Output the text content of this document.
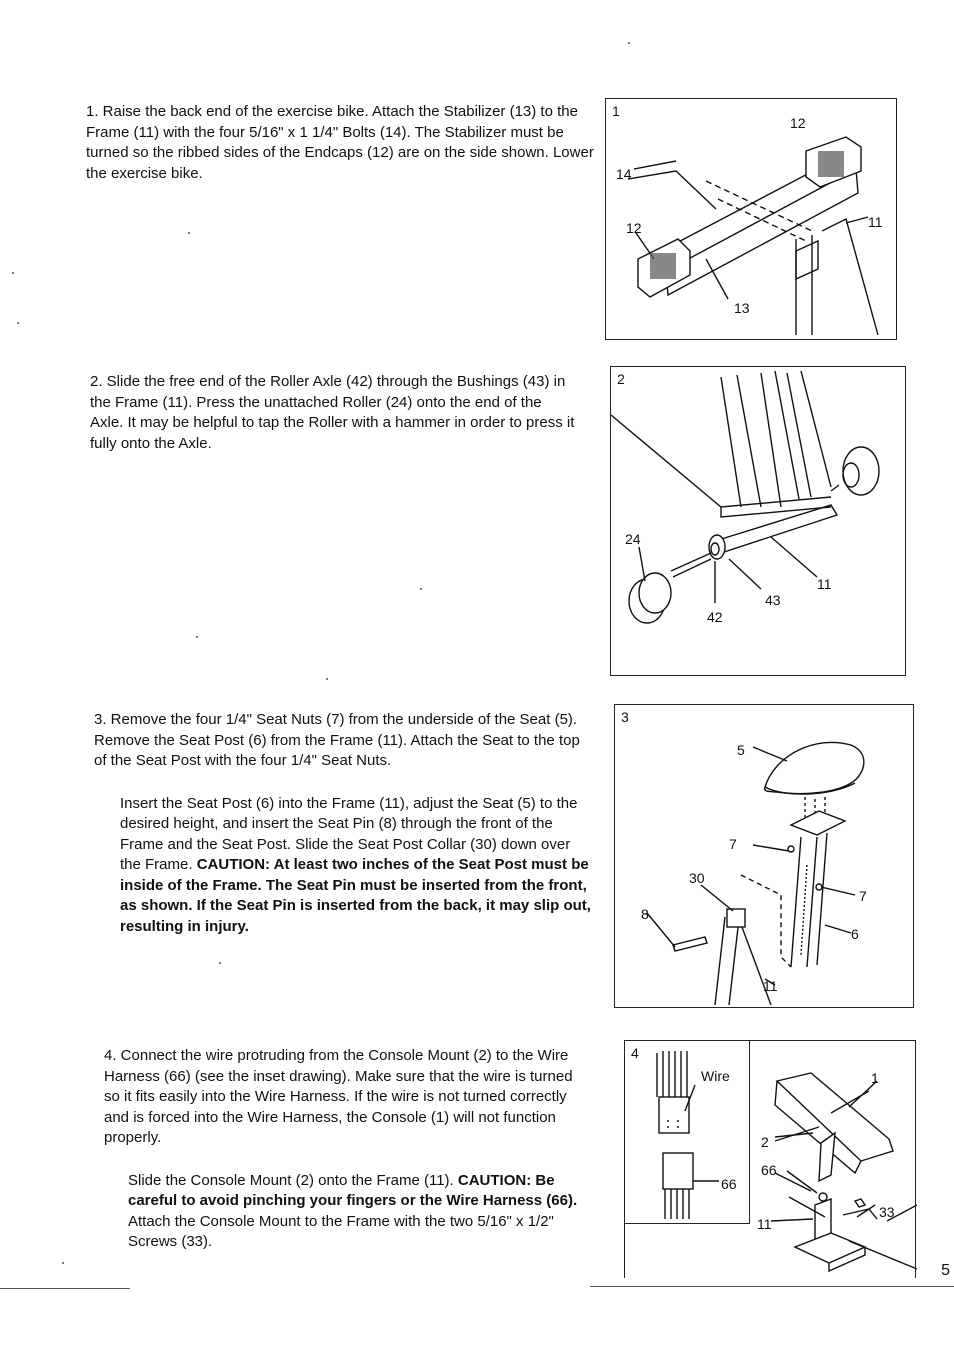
1. Raise the back end of the exercise bike. Attach the Stabilizer (13) to the Frame (11) with the four 5/16" x 1 1/4" Bolts (14). The Stabilizer must be turned so the ribbed sides of the Endcaps (12) are on the side shown. Lower the exercise bike.

1
12
14
12	11
13

2. Slide the free end of the Roller Axle (42) through the Bushings (43) in the Frame (11). Press the unattached Roller (24) onto the end of the Axle. It may be helpful to tap the Roller with a hammer in order to press it fully onto the Axle.

2
24
11
43
42

3. Remove the four 1/4" Seat Nuts (7) from the underside of the Seat (5). Remove the Seat Post (6) from the Frame (11). Attach the Seat to the top of the Seat Post with the four 1/4" Seat Nuts.

Insert the Seat Post (6) into the Frame (11), adjust the Seat (5) to the desired height, and insert the Seat Pin (8) through the front of the Frame and the Seat Post. Slide the Seat Post Collar (30) down over the Frame. CAUTION: At least two inches of the Seat Post must be inside of the Frame. The Seat Pin must be inserted from the front, as shown. If the Seat Pin is inserted from the back, it may slip out, resulting in injury.

3
5
7
30
7
8
6
11

4. Connect the wire protruding from the Console Mount (2) to the Wire Harness (66) (see the inset drawing). Make sure that the wire is turned so it fits easily into the Wire Harness. If the wire is not turned correctly and is forced into the Wire Harness, the Console (1) will not function properly.

Slide the Console Mount (2) onto the Frame (11). CAUTION: Be careful to avoid pinching your fingers or the Wire Harness (66). Attach the Console Mount to the Frame with the two 5/16" x 1/2" Screws (33).

4
Wire
66
1
2
66
33
11
5
